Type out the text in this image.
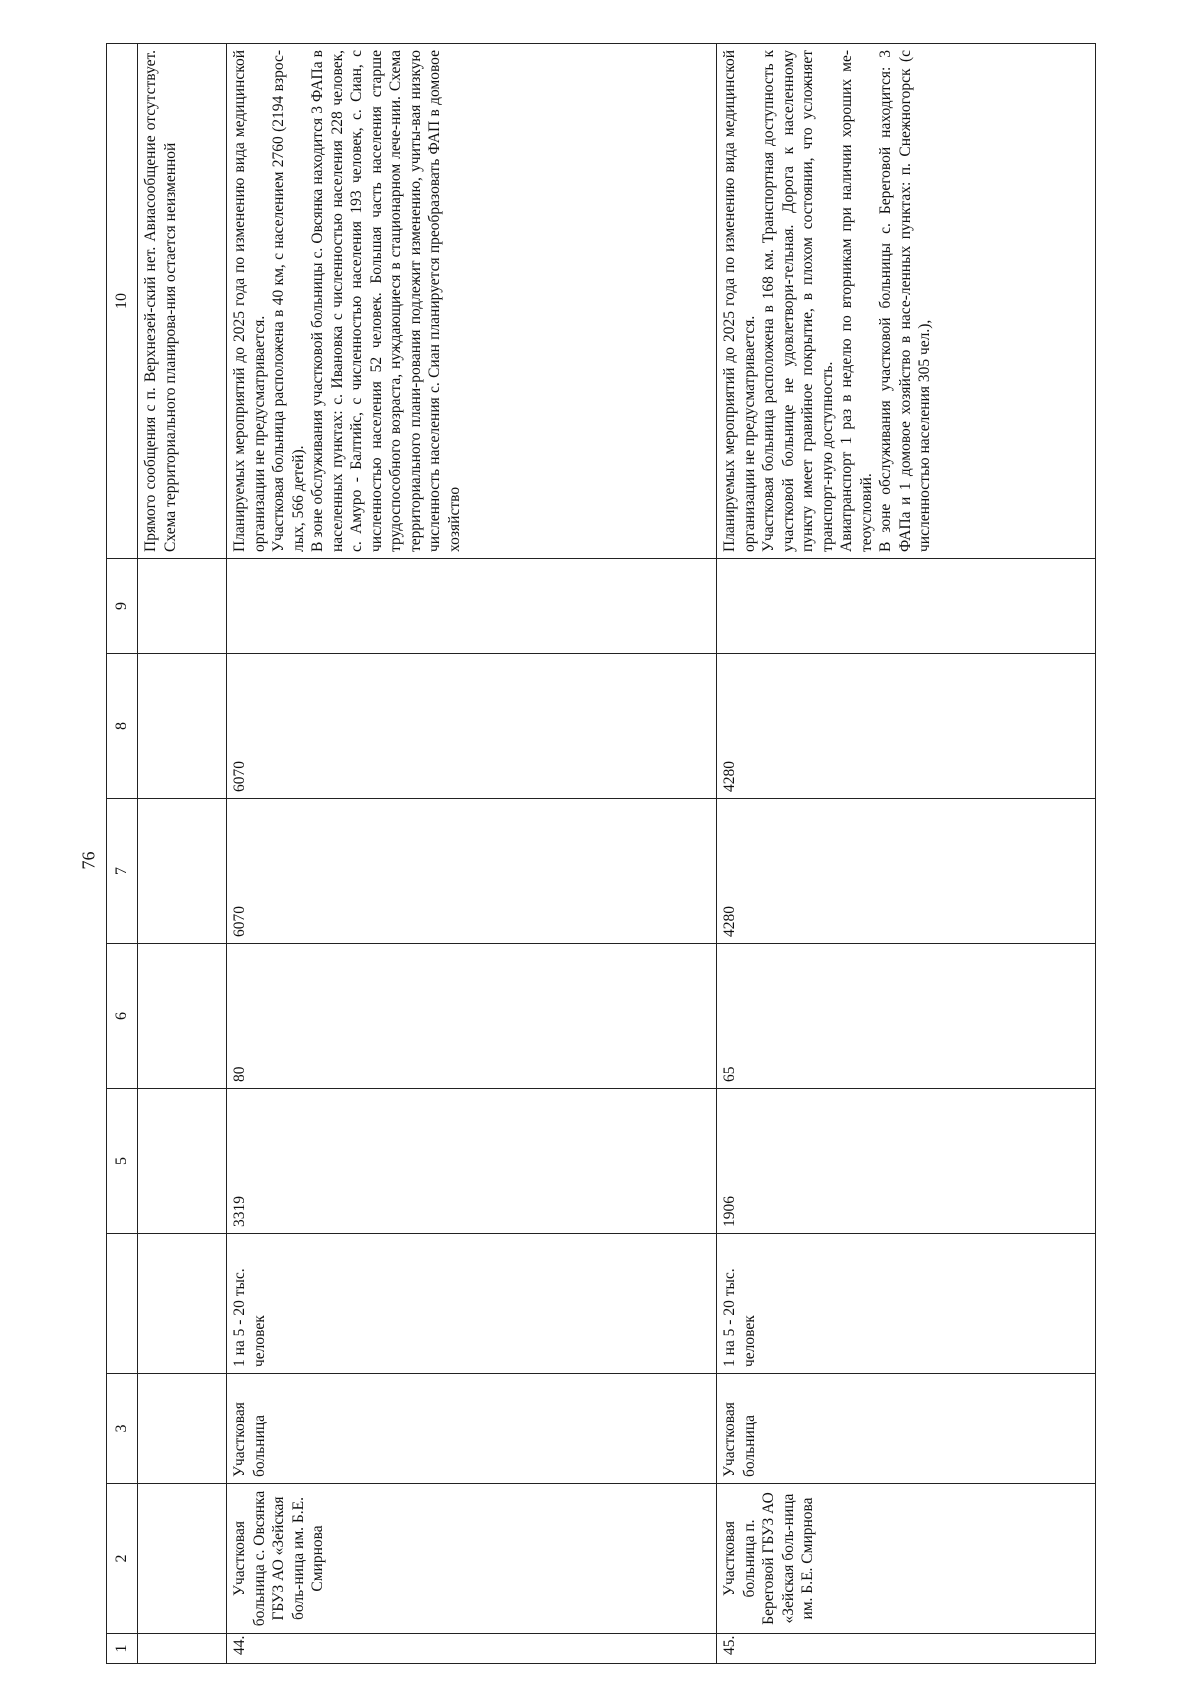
76
1	2	3		5	6	7	8	9	10
									Прямого сообщения с п. Верхнезей-ский нет. Авиасообщение отсутствует. Схема территориального планирова-ния остается неизменной
44.	Участковая больница с. Овсянка ГБУЗ АО «Зейская боль-ница им. Б.Е. Смирнова	Участковая больница	1 на 5 - 20 тыс. человек	3319	80	6070	6070		Планируемых мероприятий до 2025 года по изменению вида медицинской организации не предусматривается. Участковая больница расположена в 40 км, с населением 2760 (2194 взрос-лых, 566 детей). В зоне обслуживания участковой больницы с. Овсянка находится 3 ФАПа в населенных пунктах: с. Ивановка с численностью населения 228 человек, с. Амуро - Балтийс, с численностью населения 193 человек, с. Сиан, с численностью населения 52 человек. Большая часть населения старше трудоспособного возраста, нуждающиеся в стационарном лече-нии. Схема территориального плани-рования подлежит изменению, учиты-вая низкую численность населения с. Сиан планируется преобразовать ФАП в домовое хозяйство

45.	Участковая больница п. Береговой ГБУЗ АО «Зейская боль-ница им. Б.Е. Смирнова	Участковая больница	1 на 5 - 20 тыс. человек	1906	65	4280	4280		Планируемых мероприятий до 2025 года по изменению вида медицинской организации не предусматривается. Участковая больница расположена в 168 км. Транспортная доступность к участковой больнице не удовлетвори-тельная. Дорога к населенному пункту имеет гравийное покрытие, в плохом состоянии, что усложняет транспорт-ную доступность. Авиатранспорт 1 раз в неделю по вторникам при наличии хороших ме-теоусловий. В зоне обслуживания участковой больницы с. Береговой находится: 3 ФАПа и 1 домовое хозяйство в насе-ленных пунктах: п. Снежногорск (с численностью населения 305 чел.),
